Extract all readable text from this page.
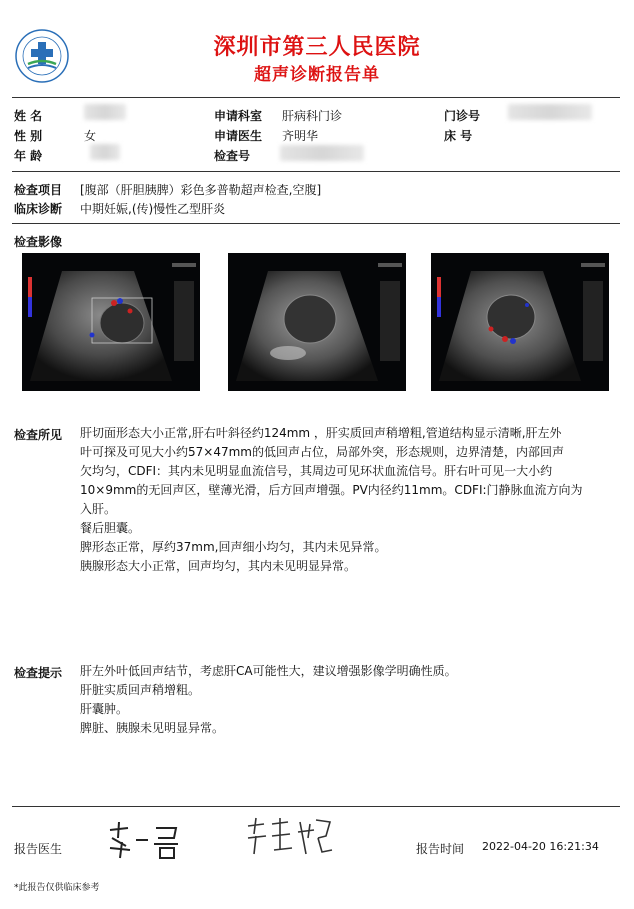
深圳市第三人民医院
超声诊断报告单
姓 名
性 别	女
年 龄
申请科室 肝病科门诊
申请医生 齐明华
检查号
门诊号
床 号
检查项目 [腹部（肝胆胰脾）彩色多普勒超声检查,空腹]
临床诊断 中期妊娠,(传)慢性乙型肝炎
检查影像
检查所见 肝切面形态大小正常,肝右叶斜径约124mm ，肝实质回声稍增粗,管道结构显示清晰,肝左外
叶可探及可见大小约57×47mm的低回声占位，局部外突，形态规则，边界清楚，内部回声
欠均匀，CDFI：其内未见明显血流信号，其周边可见环状血流信号。肝右叶可见一大小约
10×9mm的无回声区，壁薄光滑，后方回声增强。PV内径约11mm。CDFI:门静脉血流方向为
入肝。
餐后胆囊。
脾形态正常，厚约37mm,回声细小均匀，其内未见异常。
胰腺形态大小正常，回声均匀，其内未见明显异常。
检查提示 肝左外叶低回声结节，考虑肝CA可能性大，建议增强影像学明确性质。
肝脏实质回声稍增粗。
肝囊肿。
脾脏、胰腺未见明显异常。
报告医生	报告时间 2022-04-20 16:21:34
*此报告仅供临床参考
